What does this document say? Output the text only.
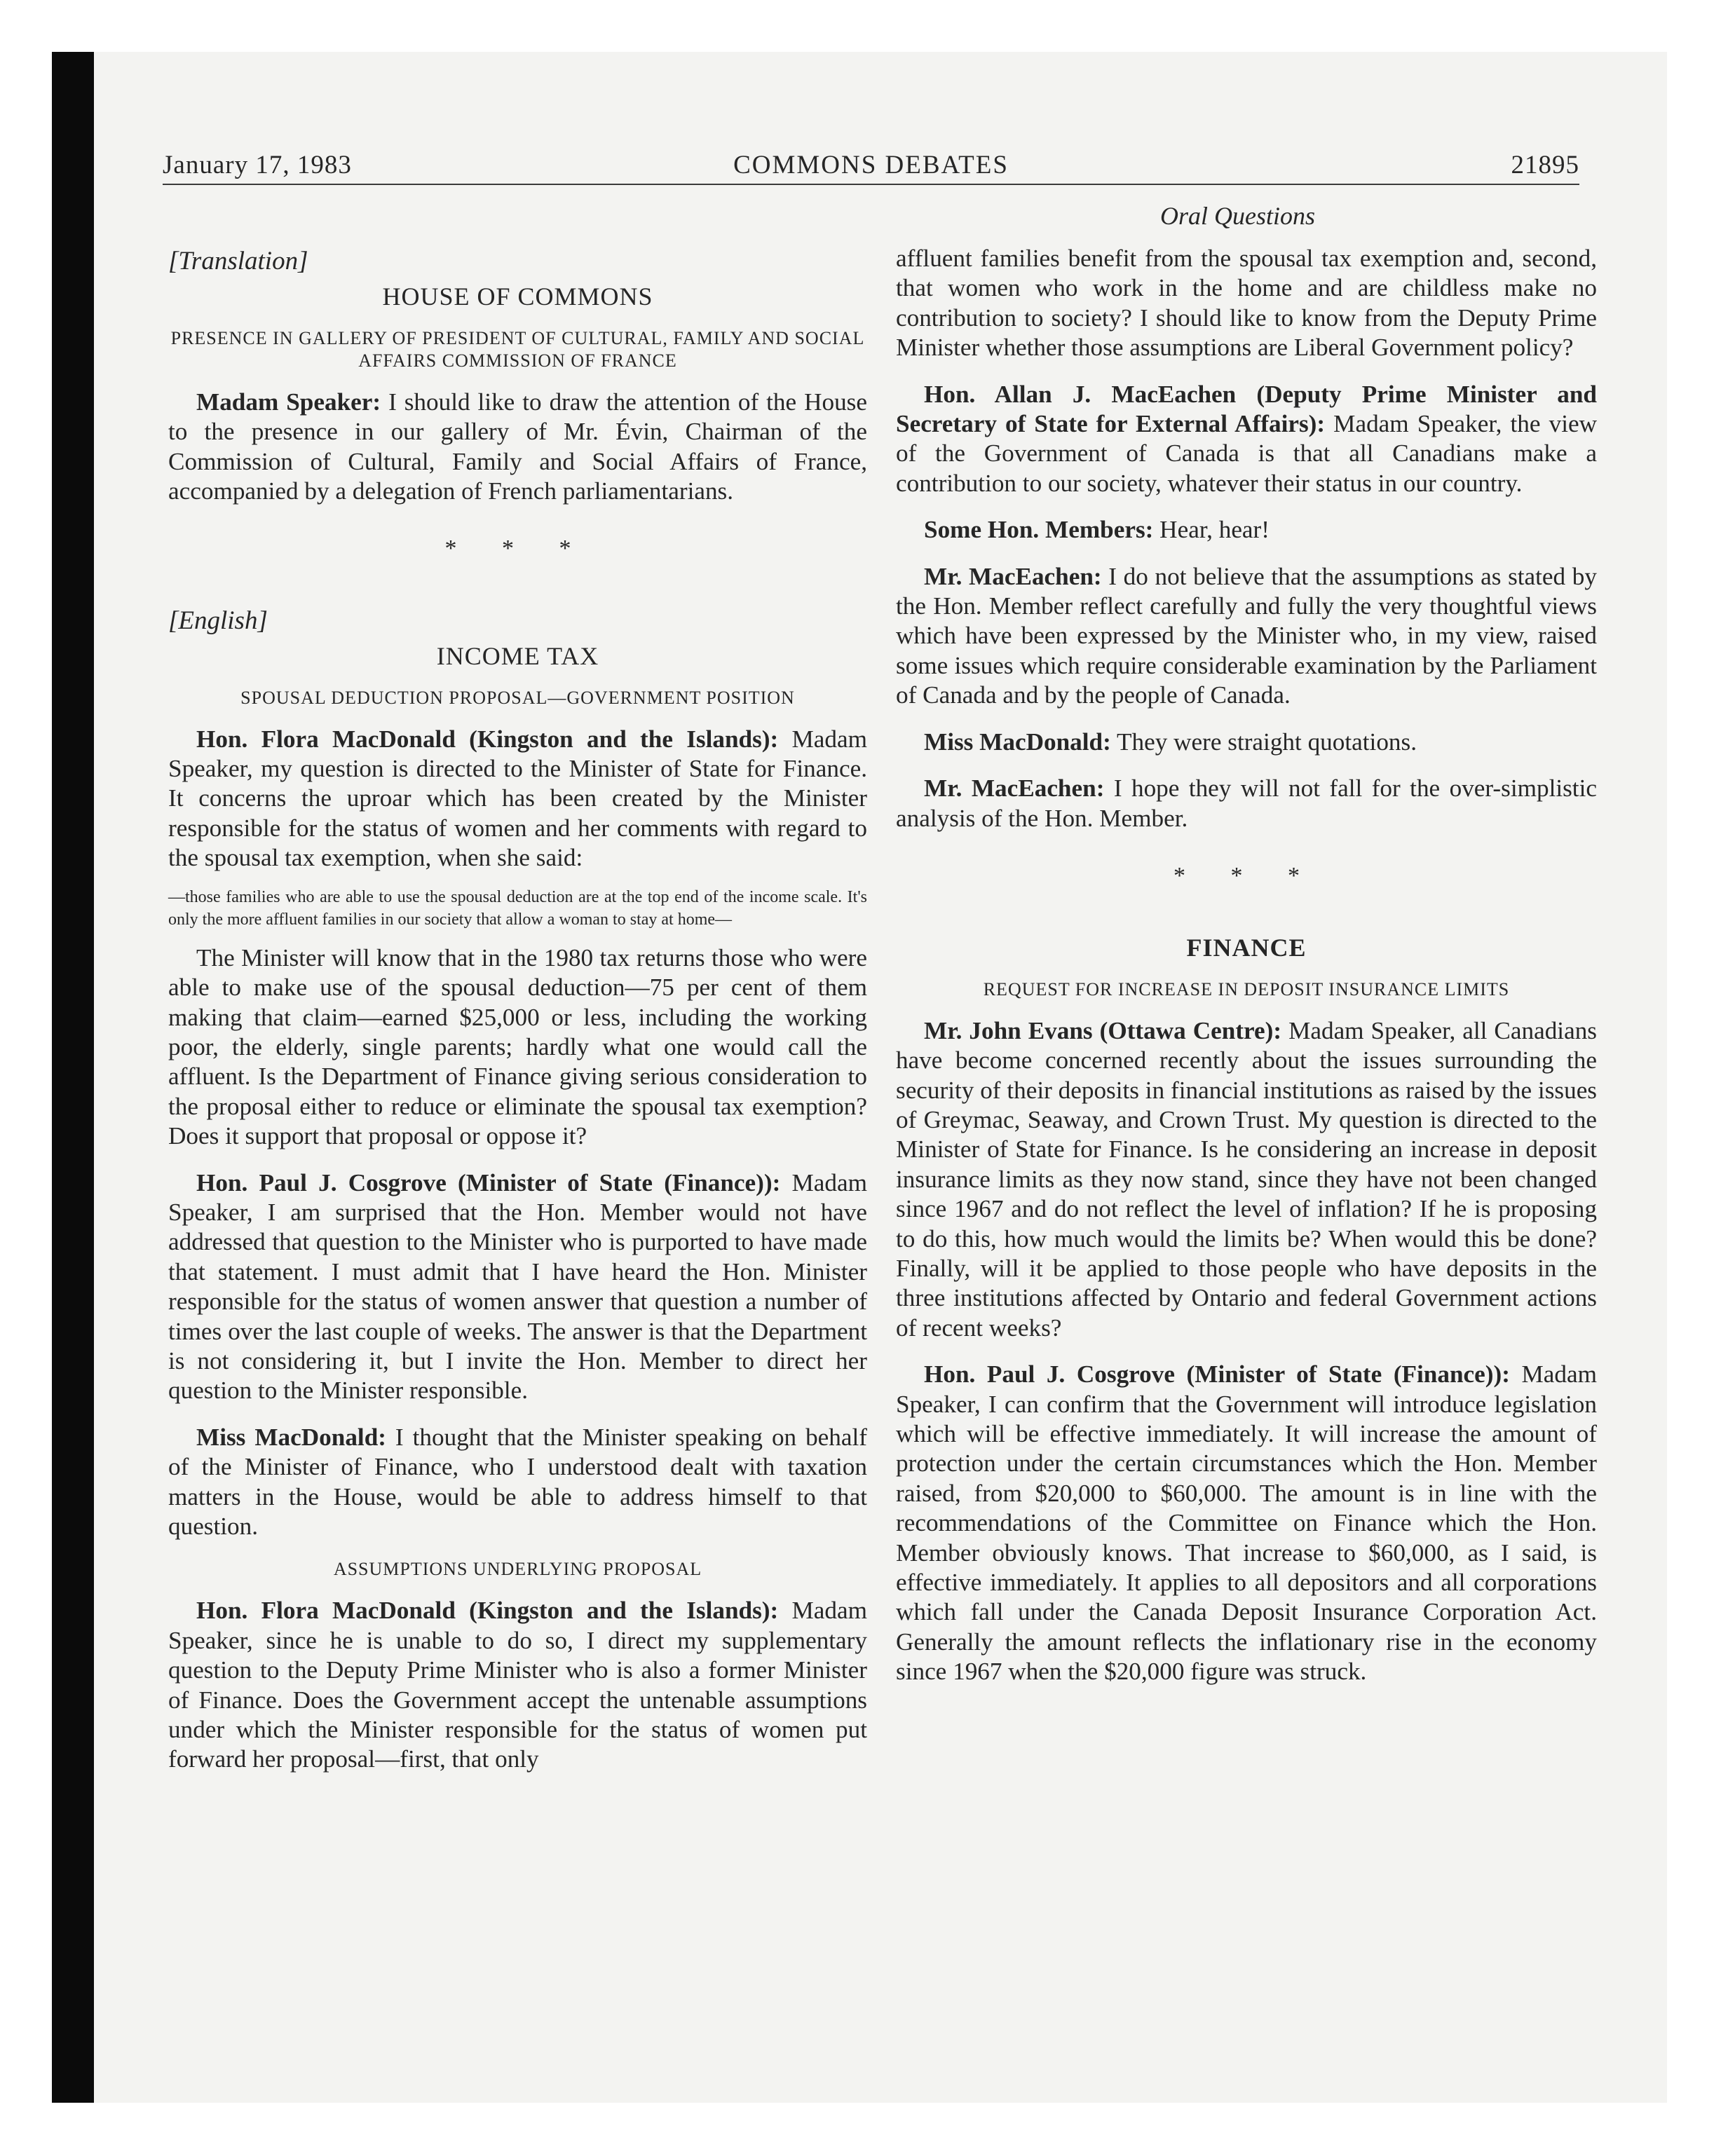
January 17, 1983	COMMONS DEBATES	21895
Oral Questions

[Translation]

HOUSE OF COMMONS
PRESENCE IN GALLERY OF PRESIDENT OF CULTURAL, FAMILY AND SOCIAL AFFAIRS COMMISSION OF FRANCE

Madam Speaker: I should like to draw the attention of the House to the presence in our gallery of Mr. Évin, Chairman of the Commission of Cultural, Family and Social Affairs of France, accompanied by a delegation of French parliamentarians.

* * *

[English]

INCOME TAX
SPOUSAL DEDUCTION PROPOSAL—GOVERNMENT POSITION

Hon. Flora MacDonald (Kingston and the Islands): Madam Speaker, my question is directed to the Minister of State for Finance. It concerns the uproar which has been created by the Minister responsible for the status of women and her comments with regard to the spousal tax exemption, when she said:

—those families who are able to use the spousal deduction are at the top end of the income scale. It's only the more affluent families in our society that allow a woman to stay at home—

The Minister will know that in the 1980 tax returns those who were able to make use of the spousal deduction—75 per cent of them making that claim—earned $25,000 or less, including the working poor, the elderly, single parents; hardly what one would call the affluent. Is the Department of Finance giving serious consideration to the proposal either to reduce or eliminate the spousal tax exemption? Does it support that proposal or oppose it?

Hon. Paul J. Cosgrove (Minister of State (Finance)): Madam Speaker, I am surprised that the Hon. Member would not have addressed that question to the Minister who is purported to have made that statement. I must admit that I have heard the Hon. Minister responsible for the status of women answer that question a number of times over the last couple of weeks. The answer is that the Department is not considering it, but I invite the Hon. Member to direct her question to the Minister responsible.

Miss MacDonald: I thought that the Minister speaking on behalf of the Minister of Finance, who I understood dealt with taxation matters in the House, would be able to address himself to that question.

ASSUMPTIONS UNDERLYING PROPOSAL

Hon. Flora MacDonald (Kingston and the Islands): Madam Speaker, since he is unable to do so, I direct my supplementary question to the Deputy Prime Minister who is also a former Minister of Finance. Does the Government accept the untenable assumptions under which the Minister responsible for the status of women put forward her proposal—first, that only

affluent families benefit from the spousal tax exemption and, second, that women who work in the home and are childless make no contribution to society? I should like to know from the Deputy Prime Minister whether those assumptions are Liberal Government policy?

Hon. Allan J. MacEachen (Deputy Prime Minister and Secretary of State for External Affairs): Madam Speaker, the view of the Government of Canada is that all Canadians make a contribution to our society, whatever their status in our country.

Some Hon. Members: Hear, hear!

Mr. MacEachen: I do not believe that the assumptions as stated by the Hon. Member reflect carefully and fully the very thoughtful views which have been expressed by the Minister who, in my view, raised some issues which require considerable examination by the Parliament of Canada and by the people of Canada.

Miss MacDonald: They were straight quotations.

Mr. MacEachen: I hope they will not fall for the over-simplistic analysis of the Hon. Member.

* * *
FINANCE
REQUEST FOR INCREASE IN DEPOSIT INSURANCE LIMITS

Mr. John Evans (Ottawa Centre): Madam Speaker, all Canadians have become concerned recently about the issues surrounding the security of their deposits in financial institutions as raised by the issues of Greymac, Seaway, and Crown Trust. My question is directed to the Minister of State for Finance. Is he considering an increase in deposit insurance limits as they now stand, since they have not been changed since 1967 and do not reflect the level of inflation? If he is proposing to do this, how much would the limits be? When would this be done? Finally, will it be applied to those people who have deposits in the three institutions affected by Ontario and federal Government actions of recent weeks?

Hon. Paul J. Cosgrove (Minister of State (Finance)): Madam Speaker, I can confirm that the Government will introduce legislation which will be effective immediately. It will increase the amount of protection under the certain circumstances which the Hon. Member raised, from $20,000 to $60,000. The amount is in line with the recommendations of the Committee on Finance which the Hon. Member obviously knows. That increase to $60,000, as I said, is effective immediately. It applies to all depositors and all corporations which fall under the Canada Deposit Insurance Corporation Act. Generally the amount reflects the inflationary rise in the economy since 1967 when the $20,000 figure was struck.
